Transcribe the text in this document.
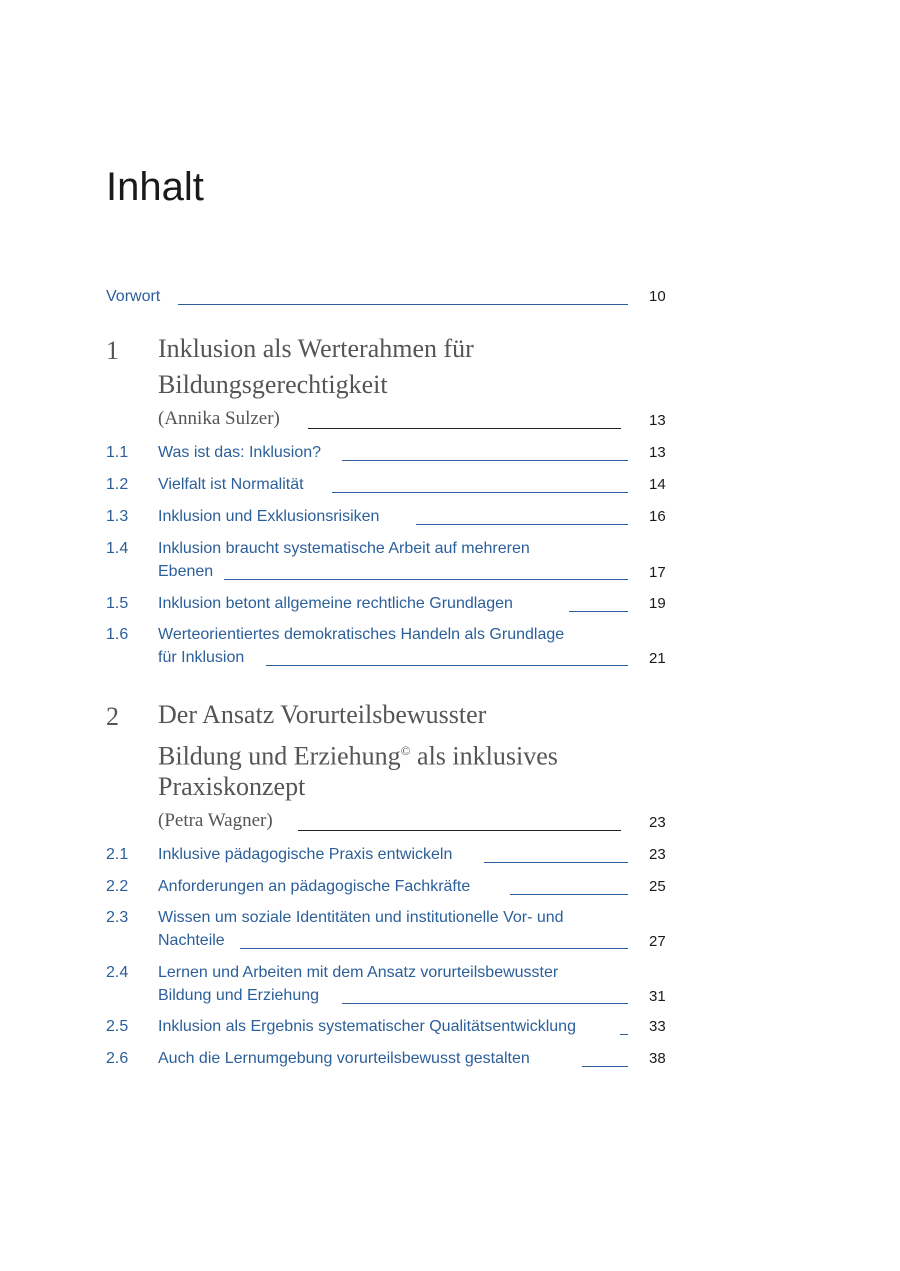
Inhalt
Vorwort	10
1 Inklusion als Werterahmen für
Bildungsgerechtigkeit
(Annika Sulzer)	13
1.1 Was ist das: Inklusion?	13
1.2 Vielfalt ist Normalität	14
1.3 Inklusion und Exklusionsrisiken	16
1.4 Inklusion braucht systematische Arbeit auf mehreren
Ebenen	17
1.5 Inklusion betont allgemeine rechtliche Grundlagen	19
1.6 Werteorientiertes demokratisches Handeln als Grundlage
für Inklusion	21
2 Der Ansatz Vorurteilsbewusster
Bildung und Erziehung© als inklusives
Praxiskonzept
(Petra Wagner)	23
2.1 Inklusive pädagogische Praxis entwickeln	23
2.2 Anforderungen an pädagogische Fachkräfte	25
2.3 Wissen um soziale Identitäten und institutionelle Vor- und
Nachteile	27
2.4 Lernen und Arbeiten mit dem Ansatz vorurteilsbewusster
Bildung und Erziehung	31
2.5 Inklusion als Ergebnis systematischer Qualitätsentwicklung	33
2.6 Auch die Lernumgebung vorurteilsbewusst gestalten	38
